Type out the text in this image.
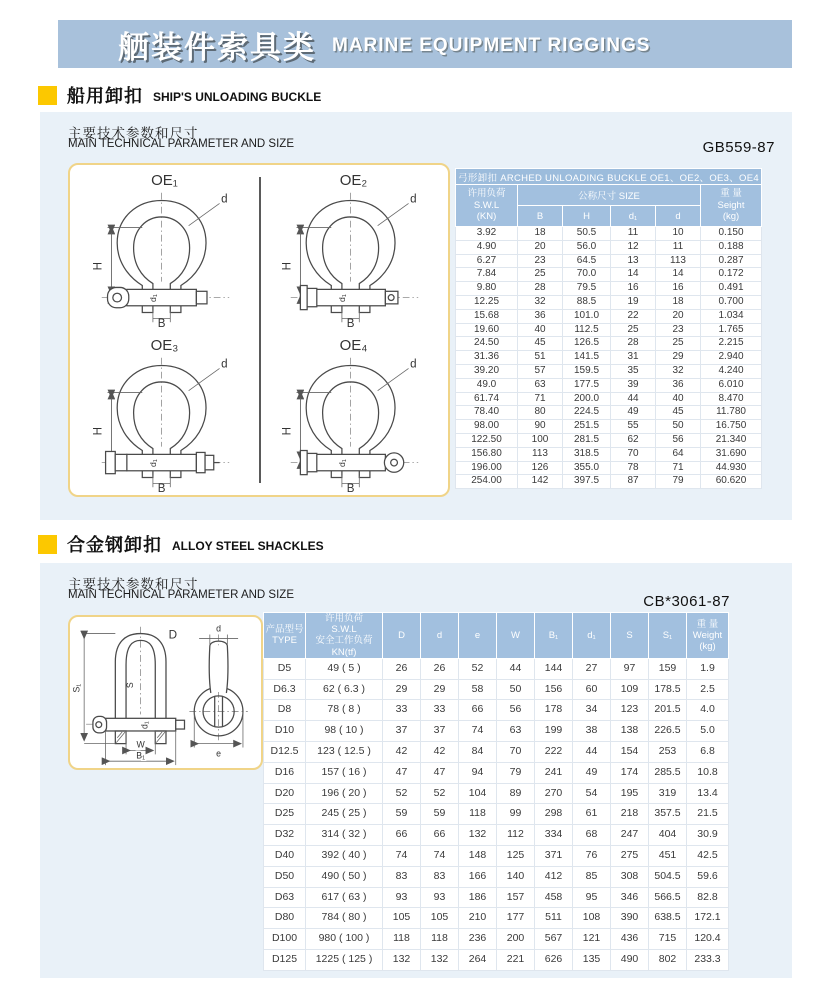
舾装件索具类 MARINE EQUIPMENT RIGGINGS
船用卸扣 SHIP'S UNLOADING BUCKLE
主要技术参数和尺寸
MAIN TECHNICAL PARAMETER AND SIZE	GB559-87
OE₁	OE₂
OE₃	OE₄
弓形卸扣 ARCHED UNLOADING BUCKLE OE1、OE2、OE3、OE4					

许用负荷
S.W.L
(KN)	公称尺寸 SIZE				重 量
Seight
(kg)

	B	H	d₁	d	
3.92	18	50.5	11	10	0.150
4.90	20	56.0	12	11	0.188
6.27	23	64.5	13	113	0.287
7.84	25	70.0	14	14	0.172
9.80	28	79.5	16	16	0.491
12.25	32	88.5	19	18	0.700
15.68	36	101.0	22	20	1.034
19.60	40	112.5	25	23	1.765
24.50	45	126.5	28	25	2.215
31.36	51	141.5	31	29	2.940
39.20	57	159.5	35	32	4.240
49.0	63	177.5	39	36	6.010
61.74	71	200.0	44	40	8.470
78.40	80	224.5	49	45	11.780
98.00	90	251.5	55	50	16.750
122.50	100	281.5	62	56	21.340
156.80	113	318.5	70	64	31.690
196.00	126	355.0	78	71	44.930
254.00	142	397.5	87	79	60.620
合金钢卸扣 ALLOY STEEL SHACKLES
主要技术参数和尺寸
MAIN TECHNICAL PARAMETER AND SIZE	CB*3061-87
S₁	S
D
d₁
W
B₁
d
e
产品型号
TYPE	许用负荷
S.W.L
安全工作负荷
KN(tf)	D	d	e	W	B₁	d₁	S	S₁	重 量
Weight
(kg)

D5	49 ( 5 )	26	26	52	44	144	27	97	159	1.9
D6.3	62 ( 6.3 )	29	29	58	50	156	60	109	178.5	2.5
D8	78 ( 8 )	33	33	66	56	178	34	123	201.5	4.0
D10	98 ( 10 )	37	37	74	63	199	38	138	226.5	5.0
D12.5	123 ( 12.5 )	42	42	84	70	222	44	154	253	6.8
D16	157 ( 16 )	47	47	94	79	241	49	174	285.5	10.8
D20	196 ( 20 )	52	52	104	89	270	54	195	319	13.4
D25	245 ( 25 )	59	59	118	99	298	61	218	357.5	21.5
D32	314 ( 32 )	66	66	132	112	334	68	247	404	30.9
D40	392 ( 40 )	74	74	148	125	371	76	275	451	42.5
D50	490 ( 50 )	83	83	166	140	412	85	308	504.5	59.6
D63	617 ( 63 )	93	93	186	157	458	95	346	566.5	82.8
D80	784 ( 80 )	105	105	210	177	511	108	390	638.5	172.1
D100	980 ( 100 )	118	118	236	200	567	121	436	715	120.4
D125	1225 ( 125 )	132	132	264	221	626	135	490	802	233.3
